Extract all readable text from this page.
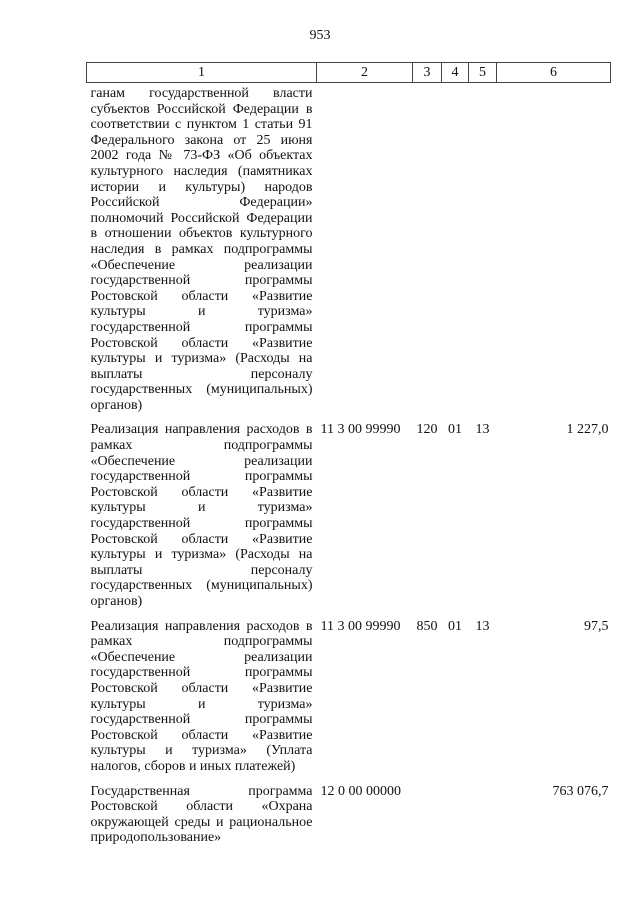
953
1	2	3	4	5	6
ганам государственной власти субъектов Российской Федерации в соответствии с пунктом 1 статьи 91 Федерального закона от 25 июня 2002 года № 73-ФЗ «Об объектах культурного наследия (памятниках истории и культуры) народов Российской Федерации» полномочий Российской Федерации в отношении объектов культурного наследия в рамках подпрограммы «Обеспечение реализации государственной программы Ростовской области «Развитие культуры и туризма» государственной программы Ростовской области «Развитие культуры и туризма» (Расходы на выплаты персоналу государственных (муниципальных) органов)					
Реализация направления расходов в рамках подпрограммы «Обеспечение реализации государственной программы Ростовской области «Развитие культуры и туризма» государственной программы Ростовской области «Развитие культуры и туризма» (Расходы на выплаты персоналу государственных (муниципальных) органов)	11 3 00 99990	120	01	13	1 227,0
Реализация направления расходов в рамках подпрограммы «Обеспечение реализации государственной программы Ростовской области «Развитие культуры и туризма» государственной программы Ростовской области «Развитие культуры и туризма» (Уплата налогов, сборов и иных платежей)	11 3 00 99990	850	01	13	97,5
Государственная программа Ростовской области «Охрана окружающей среды и рациональное природопользование»	12 0 00 00000				763 076,7
